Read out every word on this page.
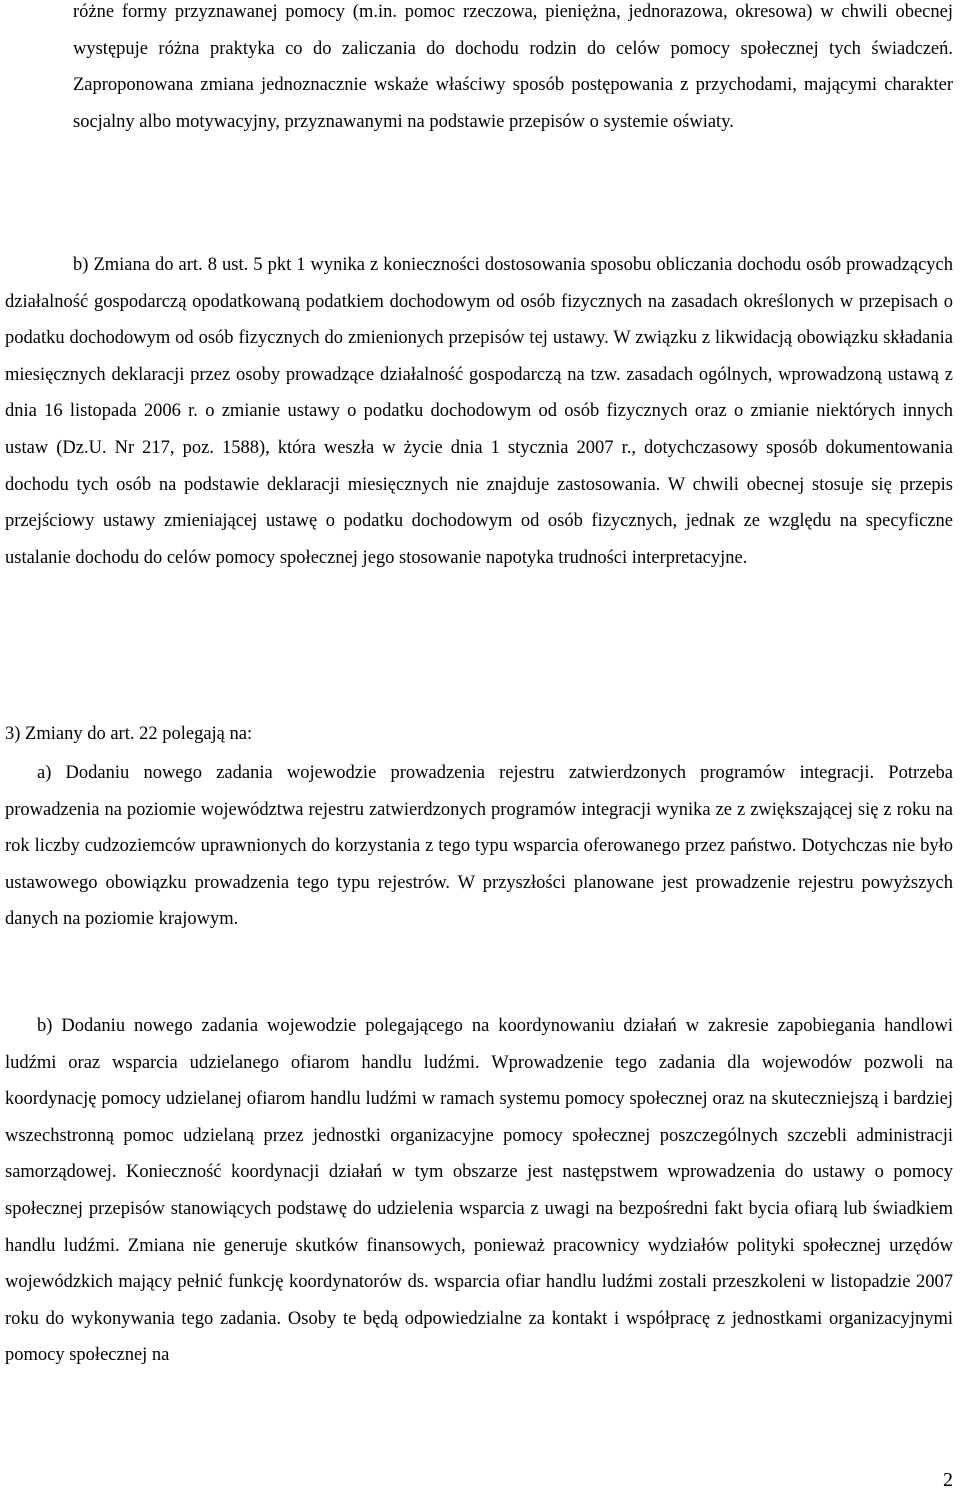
różne formy przyznawanej pomocy (m.in. pomoc rzeczowa, pieniężna, jednorazowa, okresowa) w chwili obecnej występuje różna praktyka co do zaliczania do dochodu rodzin do celów pomocy społecznej tych świadczeń. Zaproponowana zmiana jednoznacznie wskaże właściwy sposób postępowania z przychodami, mającymi charakter socjalny albo motywacyjny, przyznawanymi na podstawie przepisów o systemie oświaty.

b) Zmiana do art. 8 ust. 5 pkt 1 wynika z konieczności dostosowania sposobu obliczania dochodu osób prowadzących działalność gospodarczą opodatkowaną podatkiem dochodowym od osób fizycznych na zasadach określonych w przepisach o podatku dochodowym od osób fizycznych do zmienionych przepisów tej ustawy. W związku z likwidacją obowiązku składania miesięcznych deklaracji przez osoby prowadzące działalność gospodarczą na tzw. zasadach ogólnych, wprowadzoną ustawą z dnia 16 listopada 2006 r. o zmianie ustawy o podatku dochodowym od osób fizycznych oraz o zmianie niektórych innych ustaw (Dz.U. Nr 217, poz. 1588), która weszła w życie dnia 1 stycznia 2007 r., dotychczasowy sposób dokumentowania dochodu tych osób na podstawie deklaracji miesięcznych nie znajduje zastosowania. W chwili obecnej stosuje się przepis przejściowy ustawy zmieniającej ustawę o podatku dochodowym od osób fizycznych, jednak ze względu na specyficzne ustalanie dochodu do celów pomocy społecznej jego stosowanie napotyka trudności interpretacyjne.

3) Zmiany do art. 22 polegają na:

a) Dodaniu nowego zadania wojewodzie prowadzenia rejestru zatwierdzonych programów integracji. Potrzeba prowadzenia na poziomie województwa rejestru zatwierdzonych programów integracji wynika ze z zwiększającej się z roku na rok liczby cudzoziemców uprawnionych do korzystania z tego typu wsparcia oferowanego przez państwo. Dotychczas nie było ustawowego obowiązku prowadzenia tego typu rejestrów. W przyszłości planowane jest prowadzenie rejestru powyższych danych na poziomie krajowym.

b) Dodaniu nowego zadania wojewodzie polegającego na koordynowaniu działań w zakresie zapobiegania handlowi ludźmi oraz wsparcia udzielanego ofiarom handlu ludźmi. Wprowadzenie tego zadania dla wojewodów pozwoli na koordynację pomocy udzielanej ofiarom handlu ludźmi w ramach systemu pomocy społecznej oraz na skuteczniejszą i bardziej wszechstronną pomoc udzielaną przez jednostki organizacyjne pomocy społecznej poszczególnych szczebli administracji samorządowej. Konieczność koordynacji działań w tym obszarze jest następstwem wprowadzenia do ustawy o pomocy społecznej przepisów stanowiących podstawę do udzielenia wsparcia z uwagi na bezpośredni fakt bycia ofiarą lub świadkiem handlu ludźmi. Zmiana nie generuje skutków finansowych, ponieważ pracownicy wydziałów polityki społecznej urzędów wojewódzkich mający pełnić funkcję koordynatorów ds. wsparcia ofiar handlu ludźmi zostali przeszkoleni w listopadzie 2007 roku do wykonywania tego zadania. Osoby te będą odpowiedzialne za kontakt i współpracę z jednostkami organizacyjnymi pomocy społecznej na

2
